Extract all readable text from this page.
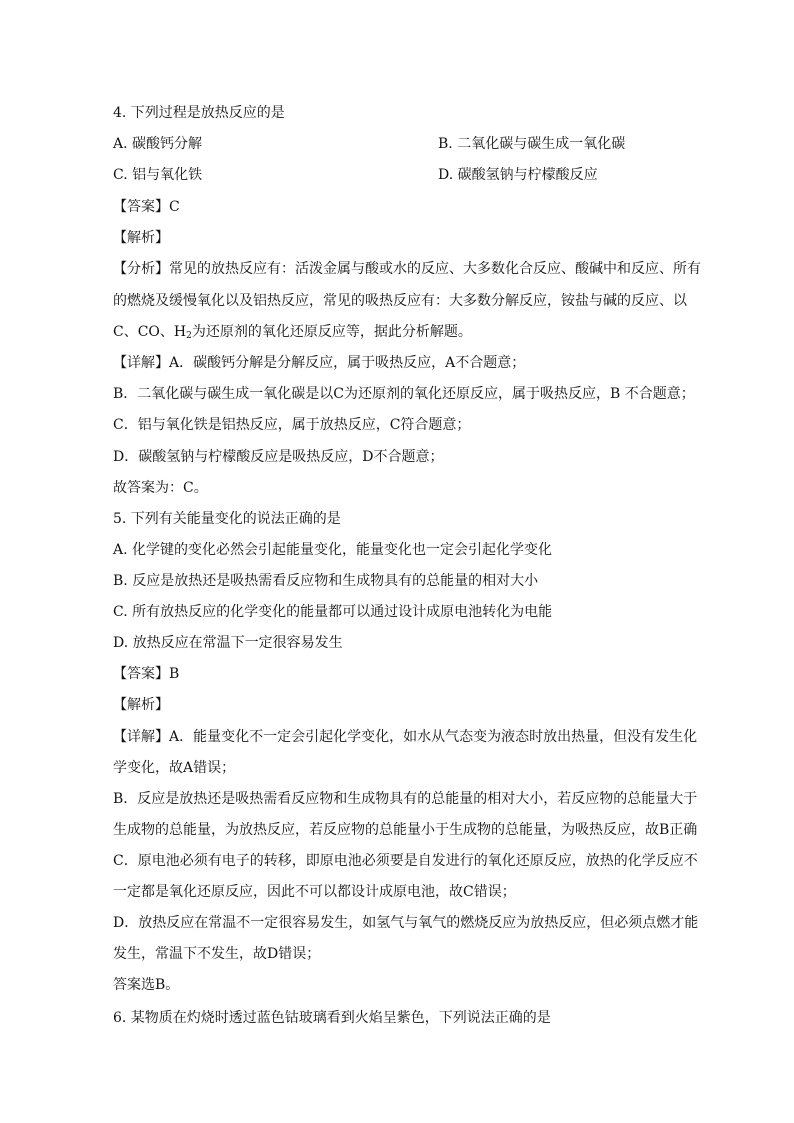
4. 下列过程是放热反应的是
A. 碳酸钙分解	B. 二氧化碳与碳生成一氧化碳
C. 铝与氧化铁	D. 碳酸氢钠与柠檬酸反应
【答案】C
【解析】
【分析】常见的放热反应有：活泼金属与酸或水的反应、大多数化合反应、酸碱中和反应、所有
的燃烧及缓慢氧化以及铝热反应，常见的吸热反应有：大多数分解反应，铵盐与碱的反应、以
C、CO、$H_2$为还原剂的氧化还原反应等，据此分析解题。
【详解】A．碳酸钙分解是分解反应，属于吸热反应，A不合题意；
B．二氧化碳与碳生成一氧化碳是以C为还原剂的氧化还原反应，属于吸热反应，B 不合题意；
C．铝与氧化铁是铝热反应，属于放热反应，C符合题意；
D．碳酸氢钠与柠檬酸反应是吸热反应，D不合题意；
故答案为：C。
5. 下列有关能量变化的说法正确的是
A. 化学键的变化必然会引起能量变化，能量变化也一定会引起化学变化
B. 反应是放热还是吸热需看反应物和生成物具有的总能量的相对大小
C. 所有放热反应的化学变化的能量都可以通过设计成原电池转化为电能
D. 放热反应在常温下一定很容易发生
【答案】B
【解析】
【详解】A．能量变化不一定会引起化学变化，如水从气态变为液态时放出热量，但没有发生化
学变化，故A错误；
B．反应是放热还是吸热需看反应物和生成物具有的总能量的相对大小，若反应物的总能量大于
生成物的总能量，为放热反应，若反应物的总能量小于生成物的总能量，为吸热反应，故B正确
C．原电池必须有电子的转移，即原电池必须要是自发进行的氧化还原反应，放热的化学反应不
一定都是氧化还原反应，因此不可以都设计成原电池，故C错误；
D．放热反应在常温不一定很容易发生，如氢气与氧气的燃烧反应为放热反应，但必须点燃才能
发生，常温下不发生，故D错误；
答案选B。
6. 某物质在灼烧时透过蓝色钴玻璃看到火焰呈紫色，下列说法正确的是
